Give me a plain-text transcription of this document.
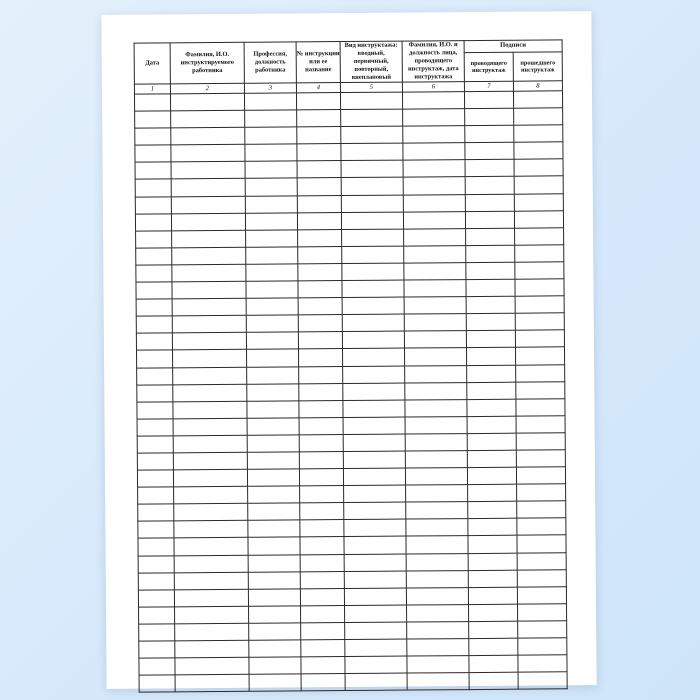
Дата	Фамилия, И.О. инструктируемого работника	Профессия, должность работника	№ инструкции или ее название	Вид инструктажа: вводный, первичный, повторный, внеплановый	Фамилия, И.О. и должность лица, проводящего инструктаж, дата инструктажа	Подписи	
						проводящего инструктаж	прошедшего инструктаж
1	2	3	4	5	6	7	8
